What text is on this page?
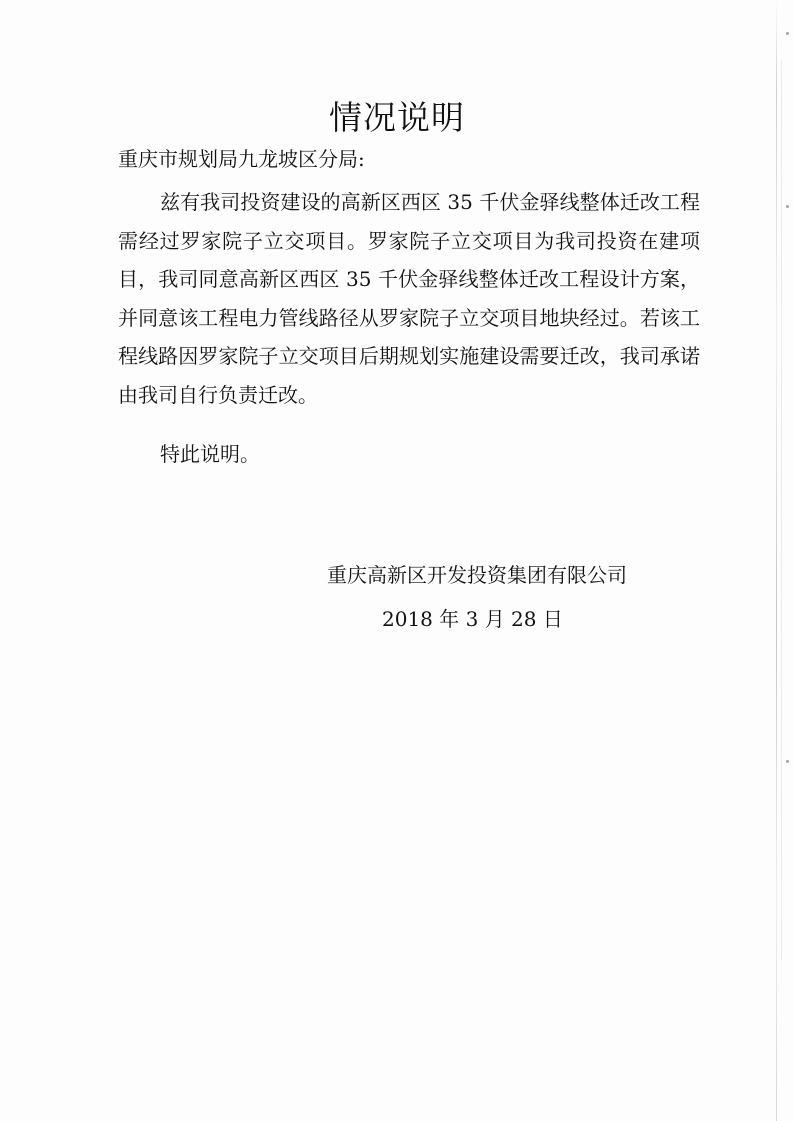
情况说明

重庆市规划局九龙坡区分局:

兹有我司投资建设的高新区西区 35 千伏金驿线整体迁改工程需经过罗家院子立交项目。罗家院子立交项目为我司投资在建项目，我司同意高新区西区 35 千伏金驿线整体迁改工程设计方案，并同意该工程电力管线路径从罗家院子立交项目地块经过。若该工程线路因罗家院子立交项目后期规划实施建设需要迁改，我司承诺由我司自行负责迁改。

特此说明。

重庆高新区开发投资集团有限公司

2018 年 3 月 28 日
